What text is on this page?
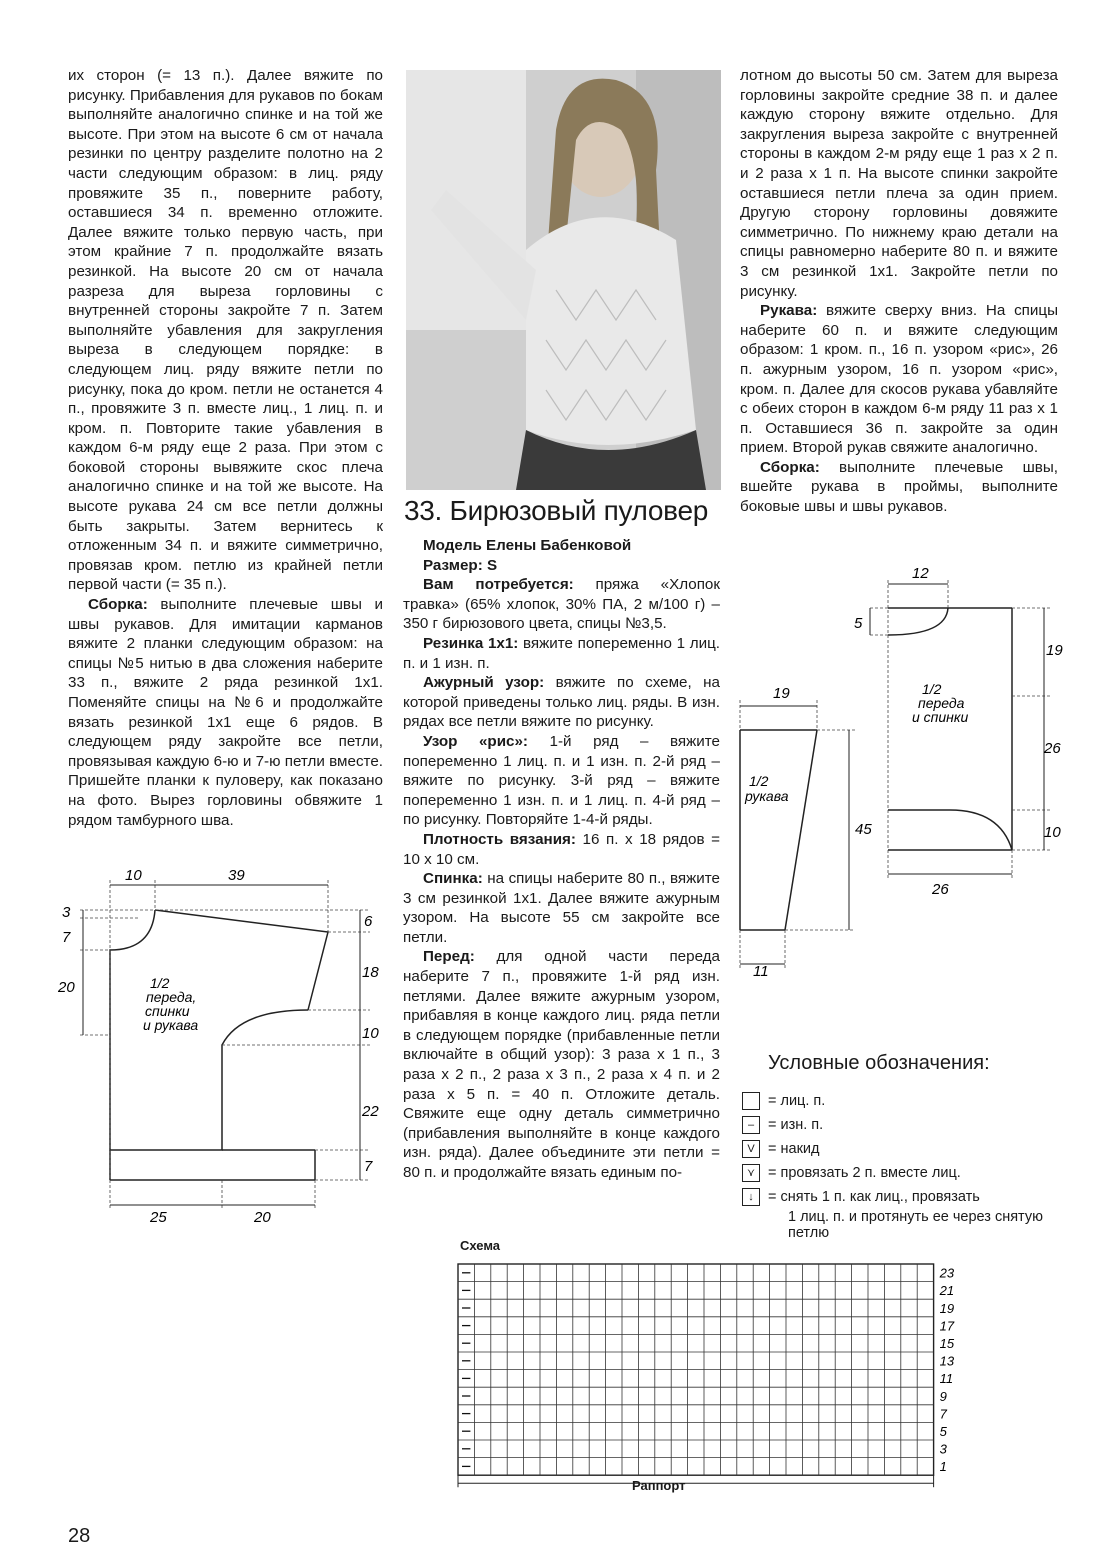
их сторон (= 13 п.). Далее вяжите по рисунку. Прибавления для рукавов по бокам выполняйте аналогично спинке и на той же высоте. При этом на высоте 6 см от начала резинки по центру разделите полотно на 2 части следующим образом: в лиц. ряду провяжите 35 п., поверните работу, оставшиеся 34 п. временно отложите. Далее вяжите только первую часть, при этом крайние 7 п. продолжайте вязать резинкой. На высоте 20 см от начала разреза для выреза горловины с внутренней стороны закройте 7 п. Затем выполняйте убавления для закругления выреза в следующем порядке: в следующем лиц. ряду вяжите петли по рисунку, пока до кром. петли не останется 4 п., провяжите 3 п. вместе лиц., 1 лиц. п. и кром. п. Повторите такие убавления в каждом 6-м ряду еще 2 раза. При этом с боковой стороны вывяжите скос плеча аналогично спинке и на той же высоте. На высоте рукава 24 см все петли должны быть закрыты. Затем вернитесь к отложенным 34 п. и вяжите симметрично, провязав кром. петлю из крайней петли первой части (= 35 п.).

Сборка: выполните плечевые швы и швы рукавов. Для имитации карманов вяжите 2 планки следующим образом: на спицы №5 нитью в два сложения наберите 33 п., вяжите 2 ряда резинкой 1х1. Поменяйте спицы на №6 и продолжайте вязать резинкой 1х1 еще 6 рядов. В следующем ряду закройте все петли, провязывая каждую 6-ю и 7-ю петли вместе. Пришейте планки к пуловеру, как показано на фото. Вырез горловины обвяжите 1 рядом тамбурного шва.

33. Бирюзовый пуловер

Модель Елены Бабенковой

Размер: S

Вам потребуется: пряжа «Хлопок травка» (65% хлопок, 30% ПА, 2 м/100 г) – 350 г бирюзового цвета, спицы №3,5.

Резинка 1х1: вяжите попеременно 1 лиц. п. и 1 изн. п.

Ажурный узор: вяжите по схеме, на которой приведены только лиц. ряды. В изн. рядах все петли вяжите по рисунку.

Узор «рис»: 1-й ряд – вяжите попеременно 1 лиц. п. и 1 изн. п. 2-й ряд – вяжите по рисунку. 3-й ряд – вяжите попеременно 1 изн. п. и 1 лиц. п. 4-й ряд – по рисунку. Повторяйте 1-4-й ряды.

Плотность вязания: 16 п. х 18 рядов = 10 х 10 см.

Спинка: на спицы наберите 80 п., вяжите 3 см резинкой 1х1. Далее вяжите ажурным узором. На высоте 55 см закройте все петли.

Перед: для одной части переда наберите 7 п., провяжите 1-й ряд изн. петлями. Далее вяжите ажурным узором, прибавляя в конце каждого лиц. ряда петли в следующем порядке (прибавленные петли включайте в общий узор): 3 раза х 1 п., 3 раза х 2 п., 2 раза х 3 п., 2 раза х 4 п. и 2 раза х 5 п. = 40 п. Отложите деталь. Свяжите еще одну деталь симметрично (прибавления выполняйте в конце каждого изн. ряда). Далее объедините эти петли = 80 п. и продолжайте вязать единым по-

лотном до высоты 50 см. Затем для выреза горловины закройте средние 38 п. и далее каждую сторону вяжите отдельно. Для закругления выреза закройте с внутренней стороны в каждом 2-м ряду еще 1 раз х 2 п. и 2 раза х 1 п. На высоте спинки закройте оставшиеся петли плеча за один прием. Другую сторону горловины довяжите симметрично. По нижнему краю детали на спицы равномерно наберите 80 п. и вяжите 3 см резинкой 1х1. Закройте петли по рисунку.

Рукава: вяжите сверху вниз. На спицы наберите 60 п. и вяжите следующим образом: 1 кром. п., 16 п. узором «рис», 26 п. ажурным узором, 16 п. узором «рис», кром. п. Далее для скосов рукава убавляйте с обеих сторон в каждом 6-м ряду 11 раз х 1 п. Оставшиеся 36 п. закройте за один прием. Второй рукав свяжите аналогично.

Сборка: выполните плечевые швы, вшейте рукава в проймы, выполните боковые швы и швы рукавов.

10	39
3
7
20
6
18
10
22
7
25	20
1/2
переда,
спинки
и рукава
19
45
11
1/2
рукава
12
5
19
26
10
26
1/2
переда
и спинки
Условные обозначения:
= лиц. п.
– = изн. п.
V = накид
⋎ = провязать 2 п. вместе лиц.
↓ = снять 1 п. как лиц., провязать
1 лиц. п. и протянуть ее через снятую петлю
Схема
23
21
19
17
15
13
11
9
7
5
3
1
Раппорт
28
